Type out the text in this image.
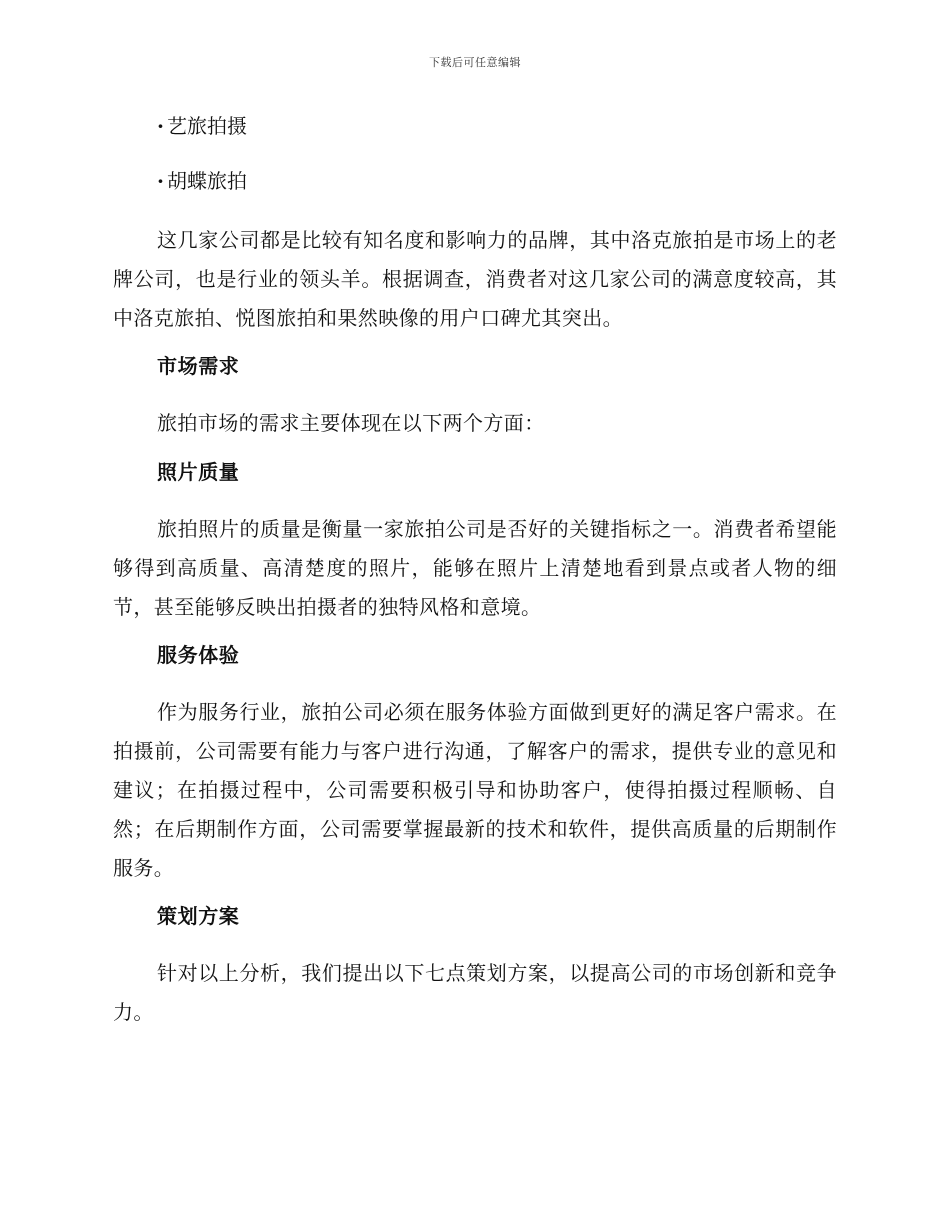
下载后可任意编辑
· 艺旅拍摄
· 胡蝶旅拍

这几家公司都是比较有知名度和影响力的品牌，其中洛克旅拍是市场上的老牌公司，也是行业的领头羊。根据调查，消费者对这几家公司的满意度较高，其中洛克旅拍、悦图旅拍和果然映像的用户口碑尤其突出。

市场需求

旅拍市场的需求主要体现在以下两个方面：

照片质量

旅拍照片的质量是衡量一家旅拍公司是否好的关键指标之一。消费者希望能够得到高质量、高清楚度的照片，能够在照片上清楚地看到景点或者人物的细节，甚至能够反映出拍摄者的独特风格和意境。

服务体验

作为服务行业，旅拍公司必须在服务体验方面做到更好的满足客户需求。在拍摄前，公司需要有能力与客户进行沟通，了解客户的需求，提供专业的意见和建议；在拍摄过程中，公司需要积极引导和协助客户，使得拍摄过程顺畅、自然；在后期制作方面，公司需要掌握最新的技术和软件，提供高质量的后期制作服务。

策划方案

针对以上分析，我们提出以下七点策划方案，以提高公司的市场创新和竞争力。
